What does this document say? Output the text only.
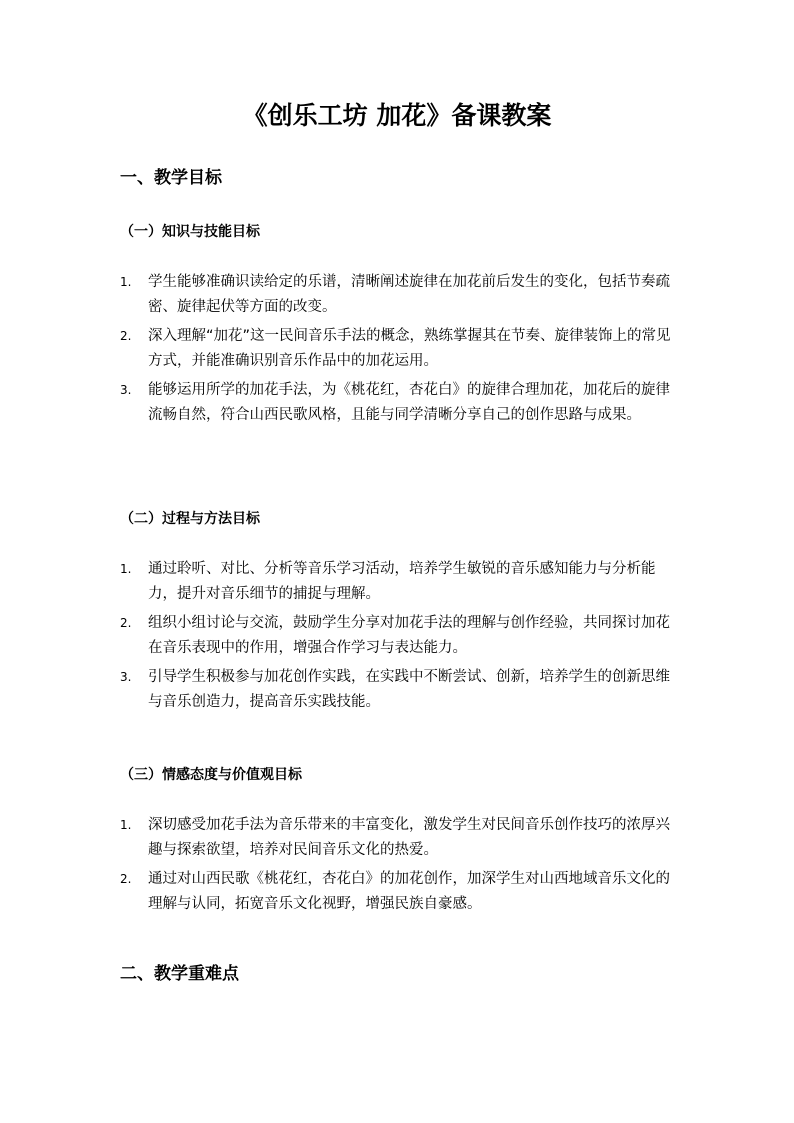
《创乐工坊 加花》备课教案
一、教学目标
（一）知识与技能目标
1.	学生能够准确识读给定的乐谱，清晰阐述旋律在加花前后发生的变化，包括节奏疏密、旋律起伏等方面的改变。
2.	深入理解“加花”这一民间音乐手法的概念，熟练掌握其在节奏、旋律装饰上的常见方式，并能准确识别音乐作品中的加花运用。
3.	能够运用所学的加花手法，为《桃花红，杏花白》的旋律合理加花，加花后的旋律流畅自然，符合山西民歌风格，且能与同学清晰分享自己的创作思路与成果。
（二）过程与方法目标
1.	通过聆听、对比、分析等音乐学习活动，培养学生敏锐的音乐感知能力与分析能力，提升对音乐细节的捕捉与理解。
2.	组织小组讨论与交流，鼓励学生分享对加花手法的理解与创作经验，共同探讨加花在音乐表现中的作用，增强合作学习与表达能力。
3.	引导学生积极参与加花创作实践，在实践中不断尝试、创新，培养学生的创新思维与音乐创造力，提高音乐实践技能。
（三）情感态度与价值观目标
1.	深切感受加花手法为音乐带来的丰富变化，激发学生对民间音乐创作技巧的浓厚兴趣与探索欲望，培养对民间音乐文化的热爱。
2.	通过对山西民歌《桃花红，杏花白》的加花创作，加深学生对山西地域音乐文化的理解与认同，拓宽音乐文化视野，增强民族自豪感。
二、教学重难点
